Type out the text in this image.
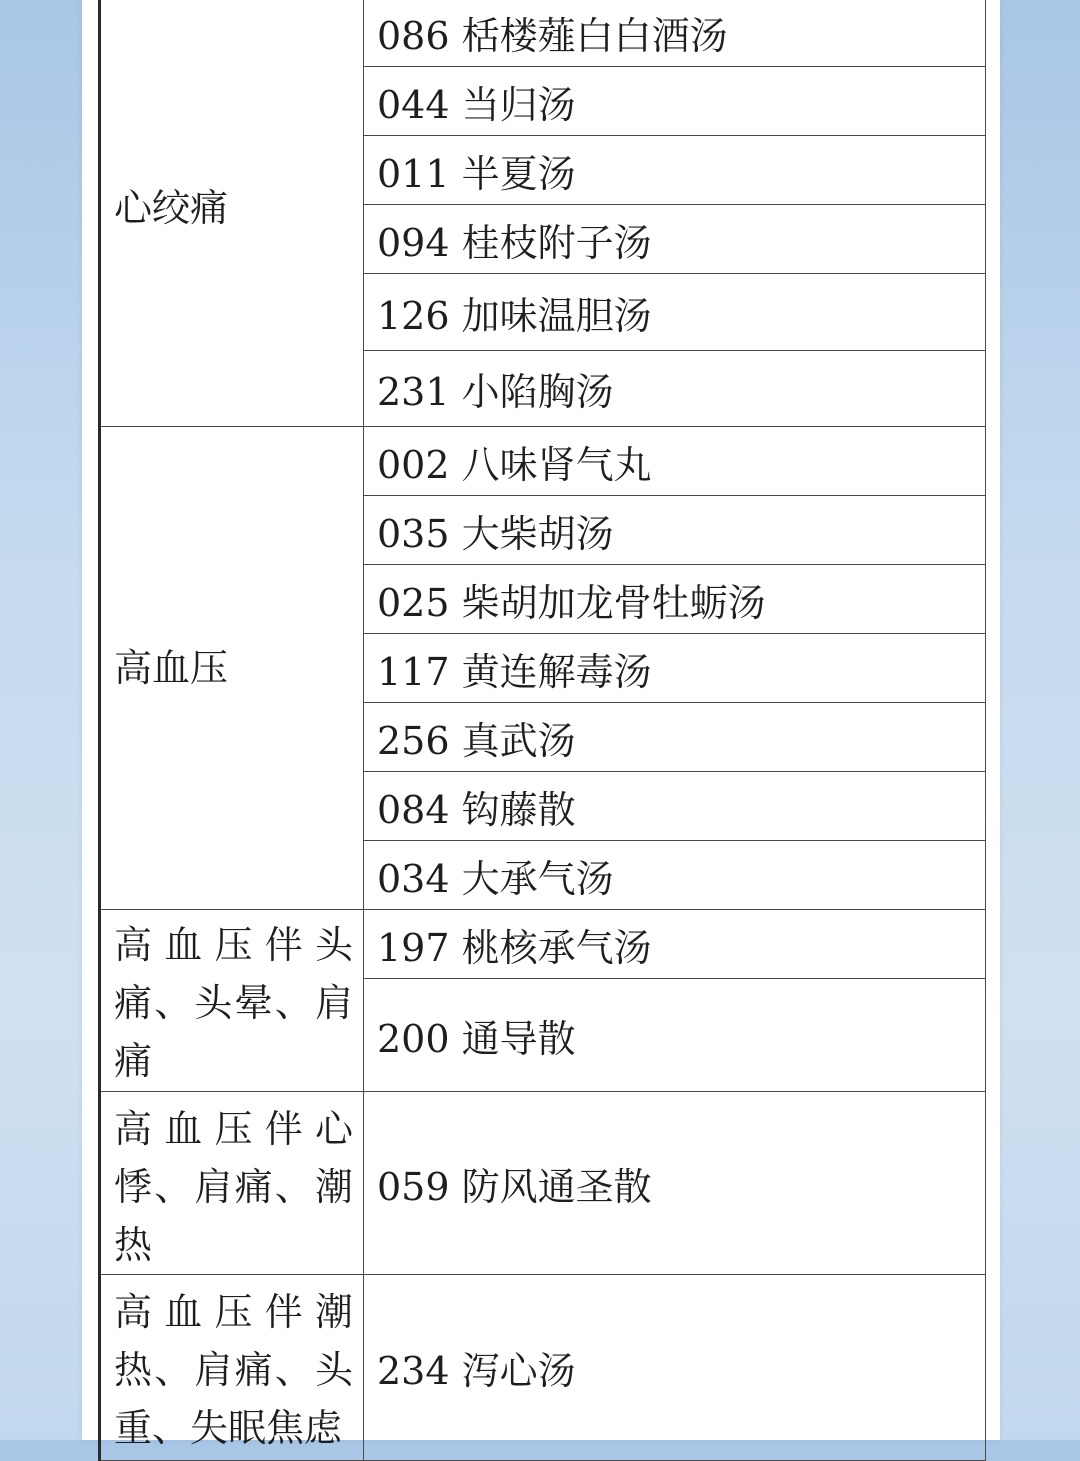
心绞痛	086 栝楼薤白白酒汤
	044 当归汤
	011 半夏汤
	094 桂枝附子汤
	126 加味温胆汤
	231 小陷胸汤

高血压	002 八味肾气丸
	035 大柴胡汤
	025 柴胡加龙骨牡蛎汤
	117 黄连解毒汤
	256 真武汤
	084 钩藤散
	034 大承气汤

高血压伴头痛、头晕、肩痛	197 桃核承气汤
	200 通导散

高血压伴心悸、肩痛、潮热	059 防风通圣散

高血压伴潮热、肩痛、头重、失眠焦虑	234 泻心汤
